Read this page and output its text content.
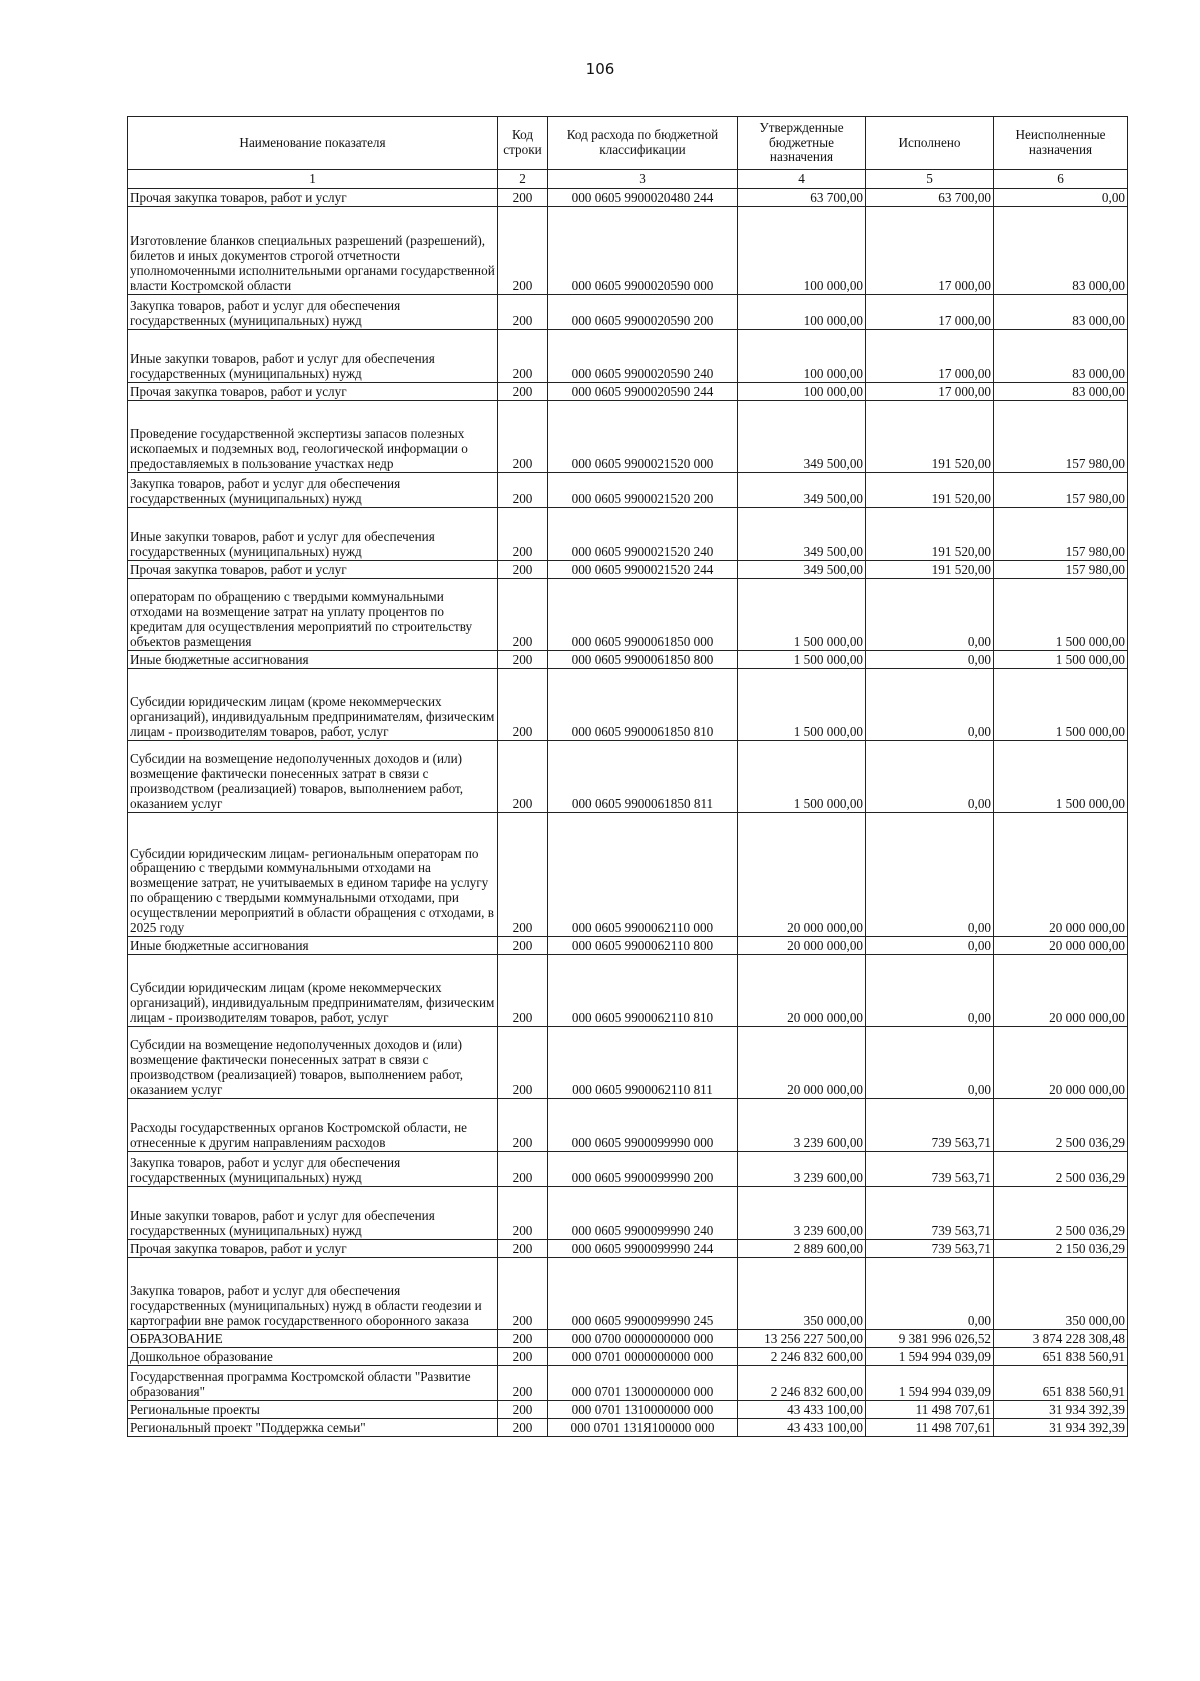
106
Наименование показателя	Код строки	Код расхода по бюджетной классификации	Утвержденные бюджетные назначения	Исполнено	Неисполненные назначения
1	2	3	4	5	6
Прочая закупка товаров, работ и услуг	200	000 0605 9900020480 244	63 700,00	63 700,00	0,00
Изготовление бланков специальных разрешений (разрешений), билетов и иных документов строгой отчетности уполномоченными исполнительными органами государственной власти Костромской области	200	000 0605 9900020590 000	100 000,00	17 000,00	83 000,00
Закупка товаров, работ и услуг для обеспечения государственных (муниципальных) нужд	200	000 0605 9900020590 200	100 000,00	17 000,00	83 000,00
Иные закупки товаров, работ и услуг для обеспечения государственных (муниципальных) нужд	200	000 0605 9900020590 240	100 000,00	17 000,00	83 000,00
Прочая закупка товаров, работ и услуг	200	000 0605 9900020590 244	100 000,00	17 000,00	83 000,00
Проведение государственной экспертизы запасов полезных ископаемых и подземных вод, геологической информации о предоставляемых в пользование участках недр	200	000 0605 9900021520 000	349 500,00	191 520,00	157 980,00
Закупка товаров, работ и услуг для обеспечения государственных (муниципальных) нужд	200	000 0605 9900021520 200	349 500,00	191 520,00	157 980,00
Иные закупки товаров, работ и услуг для обеспечения государственных (муниципальных) нужд	200	000 0605 9900021520 240	349 500,00	191 520,00	157 980,00
Прочая закупка товаров, работ и услуг	200	000 0605 9900021520 244	349 500,00	191 520,00	157 980,00
операторам по обращению с твердыми коммунальными отходами на возмещение затрат на уплату процентов по кредитам для осуществления мероприятий по строительству объектов размещения	200	000 0605 9900061850 000	1 500 000,00	0,00	1 500 000,00
Иные бюджетные ассигнования	200	000 0605 9900061850 800	1 500 000,00	0,00	1 500 000,00
Субсидии юридическим лицам (кроме некоммерческих организаций), индивидуальным предпринимателям, физическим лицам - производителям товаров, работ, услуг	200	000 0605 9900061850 810	1 500 000,00	0,00	1 500 000,00
Субсидии на возмещение недополученных доходов и (или) возмещение фактически понесенных затрат в связи с производством (реализацией) товаров, выполнением работ, оказанием услуг	200	000 0605 9900061850 811	1 500 000,00	0,00	1 500 000,00
Субсидии юридическим лицам- региональным операторам по обращению с твердыми коммунальными отходами на возмещение затрат, не учитываемых в едином тарифе на услугу по обращению с твердыми коммунальными отходами, при осуществлении мероприятий в области обращения с отходами, в 2025 году	200	000 0605 9900062110 000	20 000 000,00	0,00	20 000 000,00
Иные бюджетные ассигнования	200	000 0605 9900062110 800	20 000 000,00	0,00	20 000 000,00
Субсидии юридическим лицам (кроме некоммерческих организаций), индивидуальным предпринимателям, физическим лицам - производителям товаров, работ, услуг	200	000 0605 9900062110 810	20 000 000,00	0,00	20 000 000,00
Субсидии на возмещение недополученных доходов и (или) возмещение фактически понесенных затрат в связи с производством (реализацией) товаров, выполнением работ, оказанием услуг	200	000 0605 9900062110 811	20 000 000,00	0,00	20 000 000,00
Расходы государственных органов Костромской области, не отнесенные к другим направлениям расходов	200	000 0605 9900099990 000	3 239 600,00	739 563,71	2 500 036,29
Закупка товаров, работ и услуг для обеспечения государственных (муниципальных) нужд	200	000 0605 9900099990 200	3 239 600,00	739 563,71	2 500 036,29
Иные закупки товаров, работ и услуг для обеспечения государственных (муниципальных) нужд	200	000 0605 9900099990 240	3 239 600,00	739 563,71	2 500 036,29
Прочая закупка товаров, работ и услуг	200	000 0605 9900099990 244	2 889 600,00	739 563,71	2 150 036,29
Закупка товаров, работ и услуг для обеспечения государственных (муниципальных) нужд в области геодезии и картографии вне рамок государственного оборонного заказа	200	000 0605 9900099990 245	350 000,00	0,00	350 000,00
ОБРАЗОВАНИЕ	200	000 0700 0000000000 000	13 256 227 500,00	9 381 996 026,52	3 874 228 308,48
Дошкольное образование	200	000 0701 0000000000 000	2 246 832 600,00	1 594 994 039,09	651 838 560,91
Государственная программа Костромской области "Развитие образования"	200	000 0701 1300000000 000	2 246 832 600,00	1 594 994 039,09	651 838 560,91
Региональные проекты	200	000 0701 1310000000 000	43 433 100,00	11 498 707,61	31 934 392,39
Региональный проект "Поддержка семьи"	200	000 0701 131Я100000 000	43 433 100,00	11 498 707,61	31 934 392,39
